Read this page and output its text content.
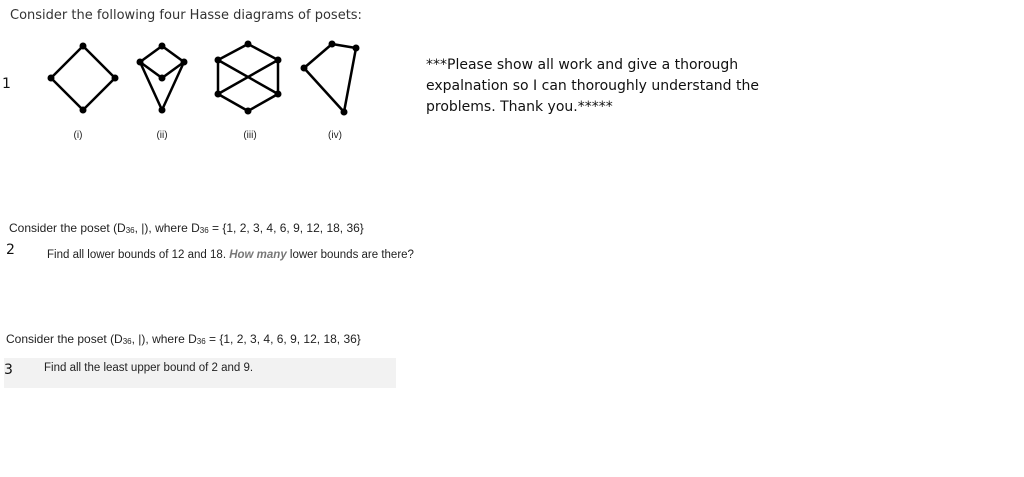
Consider the following four Hasse diagrams of posets:
1
(i)	(ii)	(iii)	(iv)
***Please show all work and give a thorough expalnation so I can thoroughly understand the problems. Thank you.*****
Consider the poset ($D_{36}$, |), where $D_{36} = \{1$, 2, 3, 4, 6, 9, 12, 18, 36}
2	Find all lower bounds of 12 and 18. How many lower bounds are there?
Consider the poset ($D_{36}$, |), where $D_{36} = \{1$, 2, 3, 4, 6, 9, 12, 18, 36}
3	Find all the least upper bound of 2 and 9.
